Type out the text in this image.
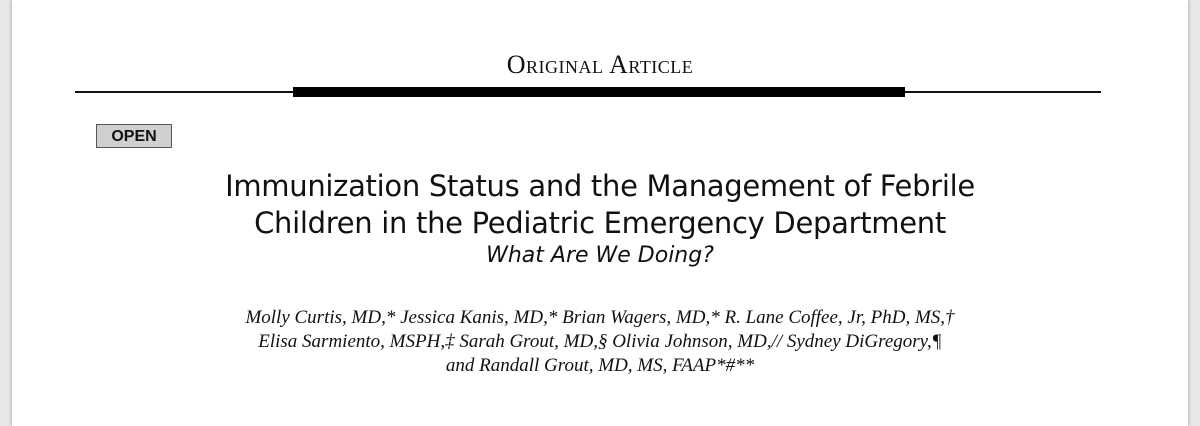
Original Article
OPEN
Immunization Status and the Management of Febrile
Children in the Pediatric Emergency Department
What Are We Doing?
Molly Curtis, MD,* Jessica Kanis, MD,* Brian Wagers, MD,* R. Lane Coffee, Jr, PhD, MS,†
Elisa Sarmiento, MSPH,‡ Sarah Grout, MD,§ Olivia Johnson, MD,// Sydney DiGregory,¶
and Randall Grout, MD, MS, FAAP*#**
